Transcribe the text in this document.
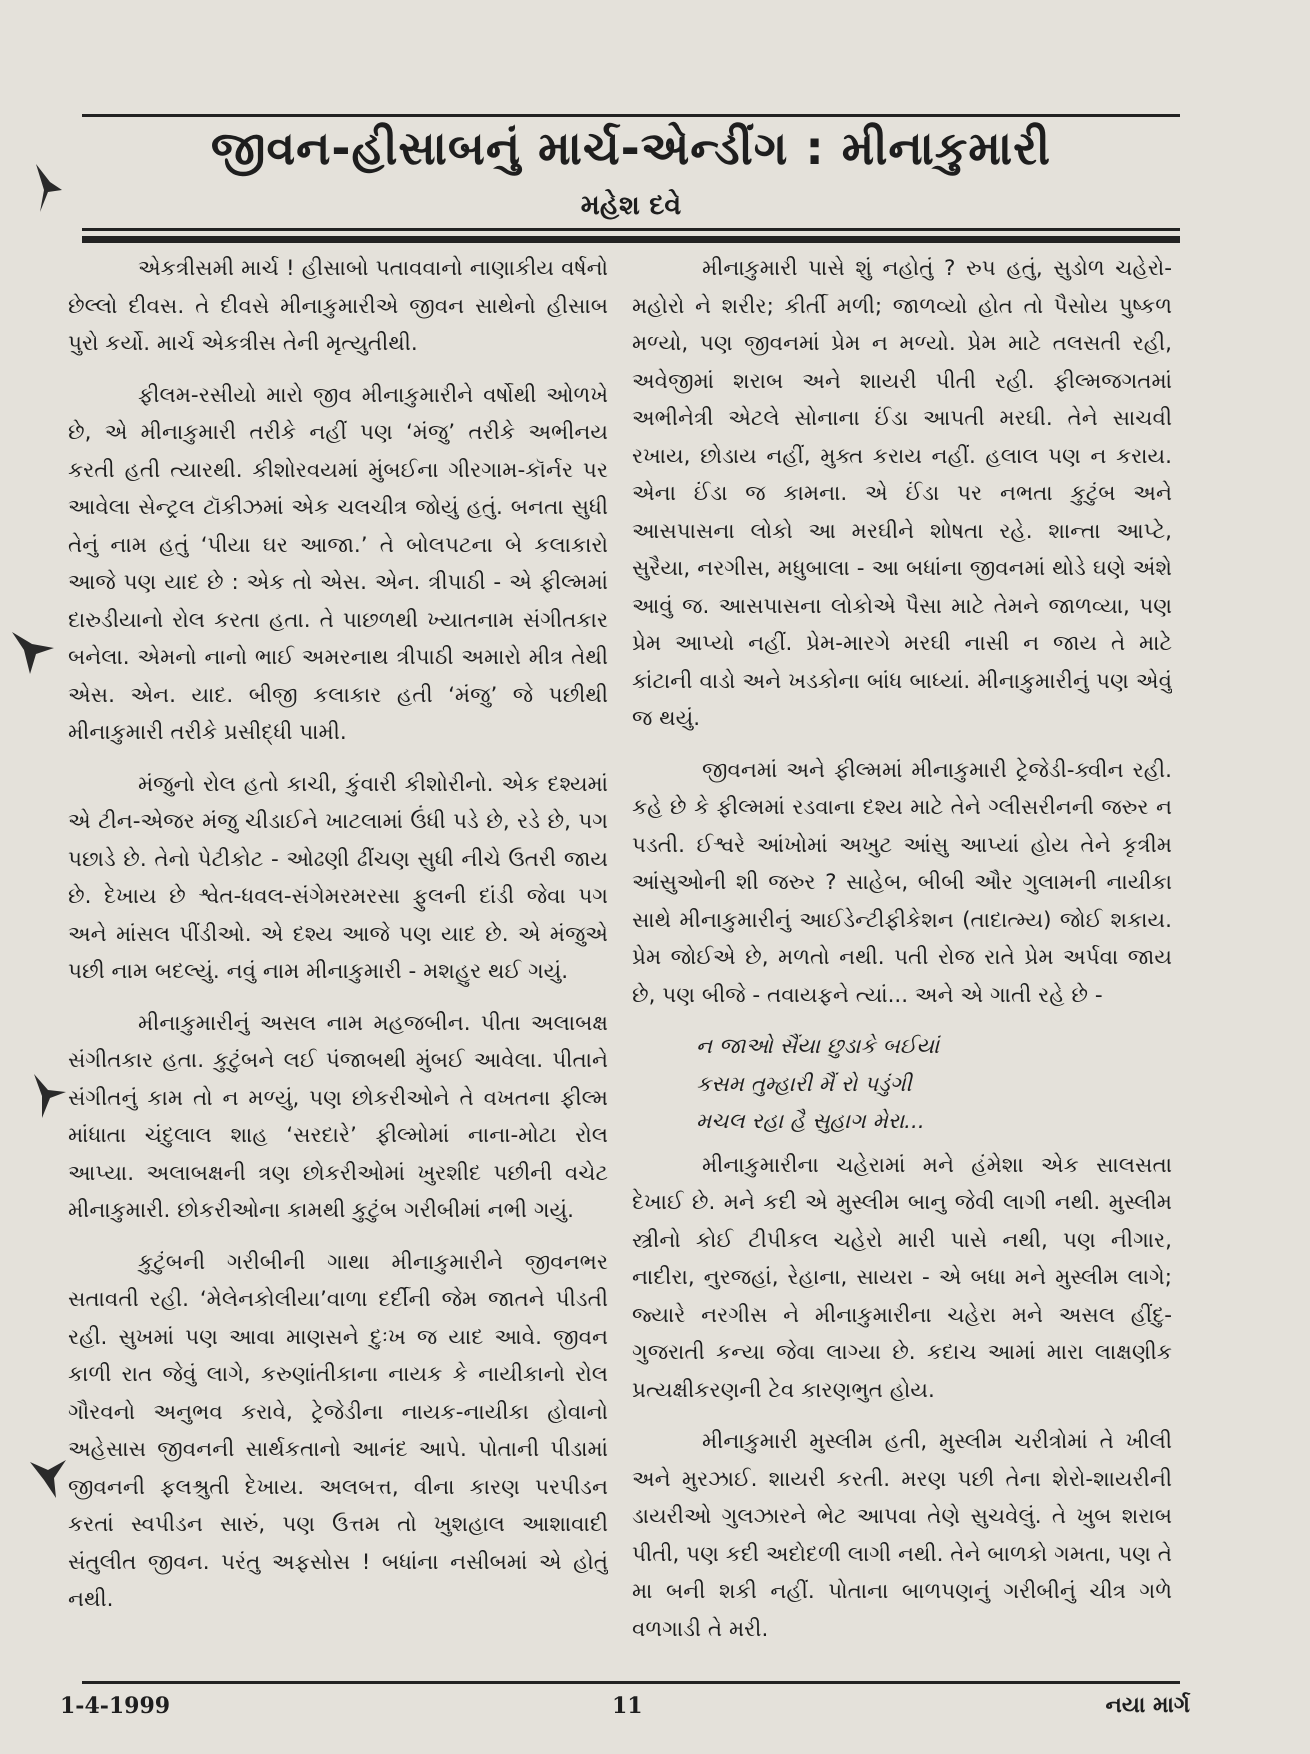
જીવન-હીસાબનું માર્ચ-એન્ડીંગ : મીનાકુમારી

મહેશ દવે

એકત્રીસમી માર્ચ ! હીસાબો પતાવવાનો નાણાકીય વર્ષનો છેલ્લો દીવસ. તે દીવસે મીનાકુમારીએ જીવન સાથેનો હીસાબ પુરો કર્યો. માર્ચ એકત્રીસ તેની મૃત્યુતીથી.

ફીલમ-રસીયો મારો જીવ મીનાકુમારીને વર્ષોથી ઓળખે છે, એ મીનાકુમારી તરીકે નહીં પણ ‘મંજુ’ તરીકે અભીનય કરતી હતી ત્યારથી. કીશોરવયમાં મુંબઈના ગીરગામ-કૉર્નર પર આવેલા સેન્ટ્રલ ટૉકીઝમાં એક ચલચીત્ર જોયું હતું. બનતા સુધી તેનું નામ હતું ‘પીયા ઘર આજા.’ તે બોલપટના બે કલાકારો આજે પણ યાદ છે : એક તો એસ. એન. ત્રીપાઠી - એ ફીલ્મમાં દારુડીયાનો રોલ કરતા હતા. તે પાછળથી ખ્યાતનામ સંગીતકાર બનેલા. એમનો નાનો ભાઈ અમરનાથ ત્રીપાઠી અમારો મીત્ર તેથી એસ. એન. યાદ. બીજી કલાકાર હતી ‘મંજુ’ જે પછીથી મીનાકુમારી તરીકે પ્રસીદ્ધી પામી.

મંજુનો રોલ હતો કાચી, કુંવારી કીશોરીનો. એક દશ્યમાં એ ટીન-એજર મંજુ ચીડાઈને ખાટલામાં ઉંધી પડે છે, રડે છે, પગ પછાડે છે. તેનો પેટીકોટ - ઓઢણી ઢીંચણ સુધી નીચે ઉતરી જાય છે. દેખાય છે શ્વેત-ધવલ-સંગેમરમરસા ફુલની દાંડી જેવા પગ અને માંસલ પીંડીઓ. એ દશ્ય આજે પણ યાદ છે. એ મંજુએ પછી નામ બદલ્યું. નવું નામ મીનાકુમારી - મશહુર થઈ ગયું.

મીનાકુમારીનું અસલ નામ મહજબીન. પીતા અલાબક્ષ સંગીતકાર હતા. કુટુંબને લઈ પંજાબથી મુંબઈ આવેલા. પીતાને સંગીતનું કામ તો ન મળ્યું, પણ છોકરીઓને તે વખતના ફીલ્મ માંધાતા ચંદુલાલ શાહ ‘સરદારે’ ફીલ્મોમાં નાના-મોટા રોલ આપ્યા. અલાબક્ષની ત્રણ છોકરીઓમાં ખુરશીદ પછીની વચેટ મીનાકુમારી. છોકરીઓના કામથી કુટુંબ ગરીબીમાં નભી ગયું.

કુટુંબની ગરીબીની ગાથા મીનાકુમારીને જીવનભર સતાવતી રહી. ‘મેલેનકોલીયા’વાળા દર્દીની જેમ જાતને પીડતી રહી. સુખમાં પણ આવા માણસને દુઃખ જ યાદ આવે. જીવન કાળી રાત જેવું લાગે, કરુણાંતીકાના નાયક કે નાયીકાનો રોલ ગૌરવનો અનુભવ કરાવે, ટ્રેજેડીના નાયક-નાયીકા હોવાનો અહેસાસ જીવનની સાર્થકતાનો આનંદ આપે. પોતાની પીડામાં જીવનની ફલશ્રુતી દેખાય. અલબત્ત, વીના કારણ પરપીડન કરતાં સ્વપીડન સારું, પણ ઉત્તમ તો ખુશહાલ આશાવાદી સંતુલીત જીવન. પરંતુ અફસોસ ! બધાંના નસીબમાં એ હોતું નથી.

મીનાકુમારી પાસે શું નહોતું ? રુપ હતું, સુડોળ ચહેરો-મહોરો ને શરીર; કીર્તી મળી; જાળવ્યો હોત તો પૈસોય પુષ્કળ મળ્યો, પણ જીવનમાં પ્રેમ ન મળ્યો. પ્રેમ માટે તલસતી રહી, અવેજીમાં શરાબ અને શાયરી પીતી રહી. ફીલ્મજગતમાં અભીનેત્રી એટલે સોનાના ઈંડા આપતી મરઘી. તેને સાચવી રખાય, છોડાય નહીં, મુક્ત કરાય નહીં. હલાલ પણ ન કરાય. એના ઈંડા જ કામના. એ ઈંડા પર નભતા કુટુંબ અને આસપાસના લોકો આ મરઘીને શોષતા રહે. શાન્તા આપ્ટે, સુરૈયા, નરગીસ, મધુબાલા - આ બધાંના જીવનમાં થોડે ઘણે અંશે આવું જ. આસપાસના લોકોએ પૈસા માટે તેમને જાળવ્યા, પણ પ્રેમ આપ્યો નહીં. પ્રેમ-મારગે મરઘી નાસી ન જાય તે માટે કાંટાની વાડો અને ખડકોના બાંધ બાધ્યાં. મીનાકુમારીનું પણ એવું જ થયું.

જીવનમાં અને ફીલ્મમાં મીનાકુમારી ટ્રેજેડી-ક્વીન રહી. કહે છે કે ફીલ્મમાં રડવાના દશ્ય માટે તેને ગ્લીસરીનની જરુર ન પડતી. ઈશ્વરે આંખોમાં અખુટ આંસુ આપ્યાં હોય તેને કૃત્રીમ આંસુઓની શી જરુર ? સાહેબ, બીબી ઔર ગુલામની નાયીકા સાથે મીનાકુમારીનું આઈડેન્ટીફીકેશન (તાદાત્મ્ય) જોઈ શકાય. પ્રેમ જોઈએ છે, મળતો નથી. પતી રોજ રાતે પ્રેમ અર્પવા જાય છે, પણ બીજે - તવાયફને ત્યાં... અને એ ગાતી રહે છે -

ન જાઓ સૈંયા છુડાકે બઈયાં
કસમ તુમ્હારી મૈં રો પડુંગી
મચલ રહા હૈ સુહાગ મેરા...

મીનાકુમારીના ચહેરામાં મને હંમેશા એક સાલસતા દેખાઈ છે. મને કદી એ મુસ્લીમ બાનુ જેવી લાગી નથી. મુસ્લીમ સ્ત્રીનો કોઈ ટીપીકલ ચહેરો મારી પાસે નથી, પણ નીગાર, નાદીરા, નુરજહાં, રેહાના, સાયરા - એ બધા મને મુસ્લીમ લાગે; જ્યારે નરગીસ ને મીનાકુમારીના ચહેરા મને અસલ હીંદુ- ગુજરાતી કન્યા જેવા લાગ્યા છે. કદાચ આમાં મારા લાક્ષણીક પ્રત્યક્ષીકરણની ટેવ કારણભુત હોય.

મીનાકુમારી મુસ્લીમ હતી, મુસ્લીમ ચરીત્રોમાં તે ખીલી અને મુરઝાઈ. શાયરી કરતી. મરણ પછી તેના શેરો-શાયરીની ડાયરીઓ ગુલઝારને ભેટ આપવા તેણે સુચવેલું. તે ખુબ શરાબ પીતી, પણ કદી અદોદળી લાગી નથી. તેને બાળકો ગમતા, પણ તે મા બની શકી નહીં. પોતાના બાળપણનું ગરીબીનું ચીત્ર ગળે વળગાડી તે મરી.

1-4-1999	11	નયા માર્ગ
